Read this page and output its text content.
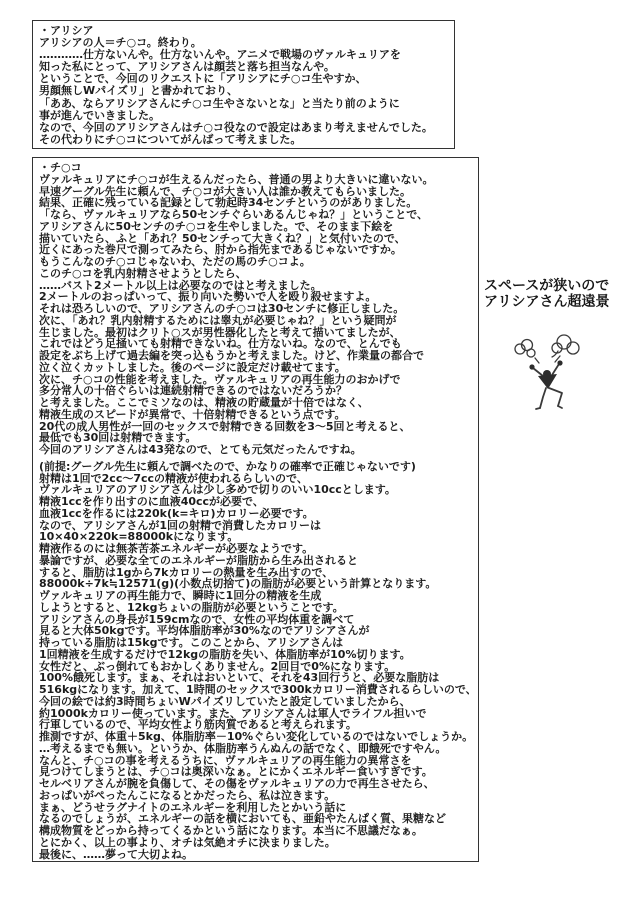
・アリシア
アリシアの人＝チ○コ。終わり。
…………仕方ないんや。仕方ないんや。アニメで戦場のヴァルキュリアを
知った私にとって、アリシアさんは顔芸と落ち担当なんや。
ということで、今回のリクエストに「アリシアにチ○コ生やすか、
男顔無しWパイズリ」と書かれており、
「ああ、ならアリシアさんにチ○コ生やさないとな」と当たり前のように
事が進んでいきました。
なので、今回のアリシアさんはチ○コ役なので設定はあまり考えませんでした。
その代わりにチ○コについてがんばって考えました。
・チ○コ
ヴァルキュリアにチ○コが生えるんだったら、普通の男より大きいに違いない。
早速グーグル先生に頼んで、チ○コが大きい人は誰か教えてもらいました。
結果、正確に残っている記録として勃起時34センチというのがありました。
「なら、ヴァルキュリアなら50センチぐらいあるんじゃね？」ということで、
アリシアさんに50センチのチ○コを生やしました。で、そのまま下絵を
描いていたら、ふと「あれ？50センチって大きくね？」と気付いたので、
近くにあった巻尺で測ってみたら、肘から指先まであるじゃないですか。
もうこんなのチ○コじゃないわ、ただの馬のチ○コよ。
このチ○コを乳内射精させようとしたら、
……バスト2メートル以上は必要なのではと考えました。
2メートルのおっぱいって、振り向いた勢いで人を殴り殺せますよ。
それは恐ろしいので、アリシアさんのチ○コは30センチに修正しました。
次に、「あれ？乳内射精するためには睾丸が必要じゃね？」という疑問が
生じました。最初はクリト○スが男性器化したと考えて描いてましたが、
これではどう足掻いても射精できないね。仕方ないね。なので、とんでも
設定をぶち上げて過去編を突っ込もうかと考えました。けど、作業量の都合で
泣く泣くカットしました。後のページに設定だけ載せてます。
次に、チ○コの性能を考えました。ヴァルキュリアの再生能力のおかげで
多分常人の十倍ぐらいは連続射精できるのではないだろうか？
と考えました。ここでミソなのは、精液の貯蔵量が十倍ではなく、
精液生成のスピードが異常で、十倍射精できるという点です。
20代の成人男性が一回のセックスで射精できる回数を3～5回と考えると、
最低でも30回は射精できます。
今回のアリシアさんは43発なので、とても元気だったんですね。
(前提:グーグル先生に頼んで調べたので、かなりの確率で正確じゃないです)
射精は1回で2cc～7ccの精液が使われるらしいので、
ヴァルキュリアのアリシアさんは少し多めで切りのいい10ccとします。
精液1ccを作り出すのに血液40ccが必要で、
血液1ccを作るには220k(k=キロ)カロリー必要です。
なので、アリシアさんが1回の射精で消費したカロリーは
10×40×220k=88000kになります。
精液作るのには無茶苦茶エネルギーが必要なようです。
暴論ですが、必要な全てのエネルギーが脂肪から生み出されると
すると、脂肪は1gから7kカロリーの熱量を生み出すので、
88000k÷7k≒12571(g)(小数点切捨て)の脂肪が必要という計算となります。
ヴァルキュリアの再生能力で、瞬時に1回分の精液を生成
しようとすると、12kgちょいの脂肪が必要ということです。
アリシアさんの身長が159cmなので、女性の平均体重を調べて
見ると大体50kgです。平均体脂肪率が30%なのでアリシアさんが
持っている脂肪は15kgです。このことから、アリシアさんは
1回精液を生成するだけで12kgの脂肪を失い、体脂肪率が10%切ります。
女性だと、ぶっ倒れてもおかしくありません。2回目で0%になります。
100%餓死します。まぁ、それはおいといて、それを43回行うと、必要な脂肪は
516kgになります。加えて、1時間のセックスで300kカロリー消費されるらしいので、
今回の絵では約3時間ちょいWパイズリしていたと設定していましたから、
約1000kカロリー使っています。また、アリシアさんは軍人でライフル担いで
行軍しているので、平均女性より筋肉質であると考えられます。
推測ですが、体重＋5kg、体脂肪率－10%ぐらい変化しているのではないでしょうか。
…考えるまでも無い。というか、体脂肪率うんぬんの話でなく、即餓死ですやん。
なんと、チ○コの事を考えるうちに、ヴァルキュリアの再生能力の異常さを
見つけてしまうとは、チ○コは奥深いなぁ。とにかくエネルギー食いすぎです。
セルベリアさんが腕を負傷して、その傷をヴァルキュリアの力で再生させたら、
おっぱいがぺったんこになるとかだったら、私は泣きます。
まぁ、どうせラグナイトのエネルギーを利用したとかいう話に
なるのでしょうが、エネルギーの話を横においても、亜鉛やたんぱく質、果糖など
構成物質をどっから持ってくるかという話になります。本当に不思議だなぁ。
とにかく、以上の事より、オチは気絶オチに決まりました。
最後に、……夢って大切よね。
スペースが狭いので
アリシアさん超遠景
